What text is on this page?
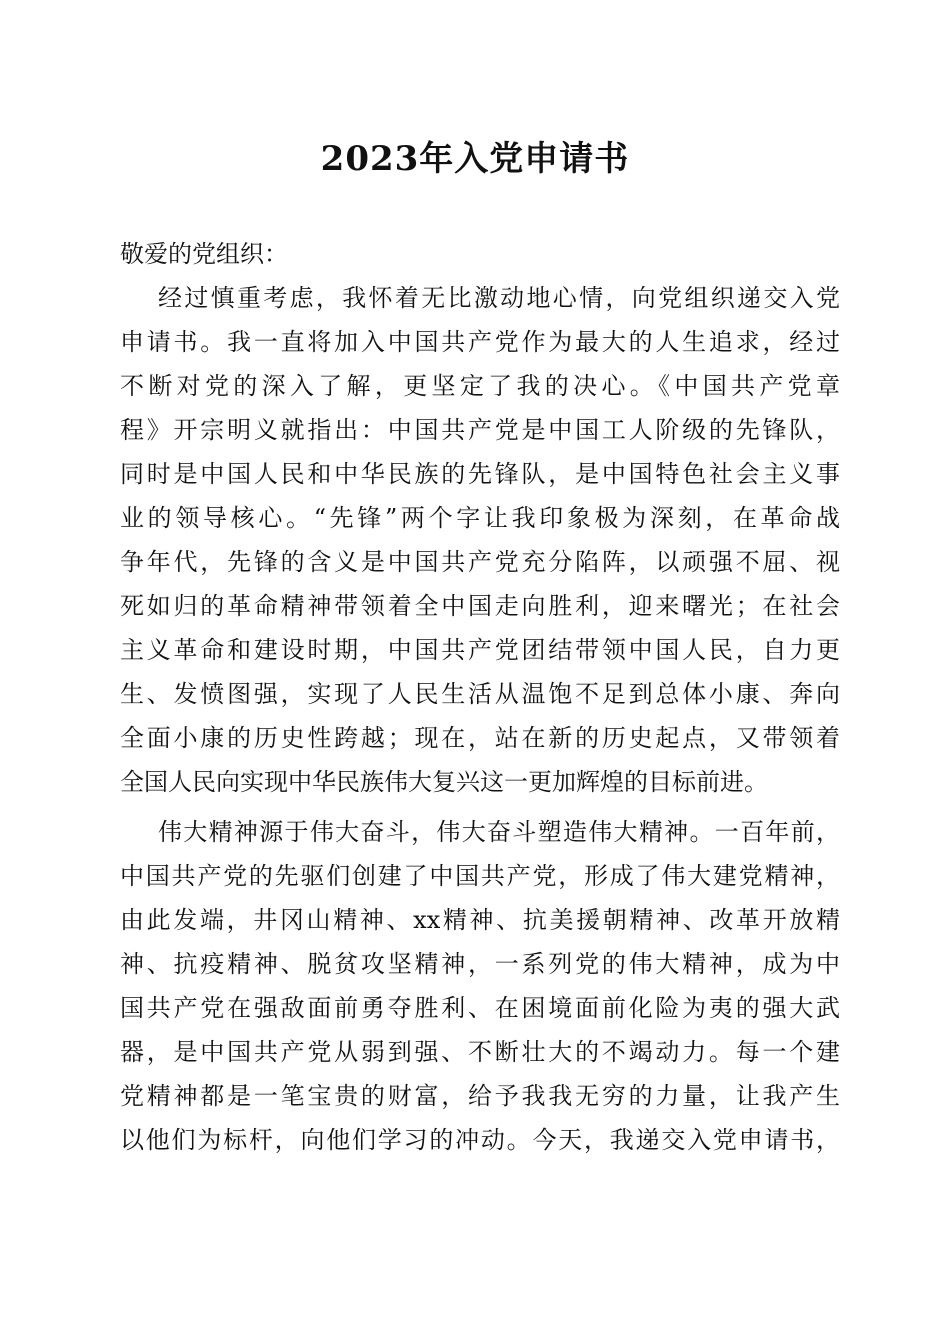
2023年入党申请书
敬爱的党组织：
经过慎重考虑，我怀着无比激动地心情，向党组织递交入党
申请书。我一直将加入中国共产党作为最大的人生追求，经过
不断对党的深入了解，更坚定了我的决心。《中国共产党章
程》开宗明义就指出：中国共产党是中国工人阶级的先锋队，
同时是中国人民和中华民族的先锋队，是中国特色社会主义事
业的领导核心。“先锋”两个字让我印象极为深刻，在革命战
争年代，先锋的含义是中国共产党充分陷阵，以顽强不屈、视
死如归的革命精神带领着全中国走向胜利，迎来曙光；在社会
主义革命和建设时期，中国共产党团结带领中国人民，自力更
生、发愤图强，实现了人民生活从温饱不足到总体小康、奔向
全面小康的历史性跨越；现在，站在新的历史起点，又带领着
全国人民向实现中华民族伟大复兴这一更加辉煌的目标前进。
伟大精神源于伟大奋斗，伟大奋斗塑造伟大精神。一百年前，
中国共产党的先驱们创建了中国共产党，形成了伟大建党精神，
由此发端，井冈山精神、xx精神、抗美援朝精神、改革开放精
神、抗疫精神、脱贫攻坚精神，一系列党的伟大精神，成为中
国共产党在强敌面前勇夺胜利、在困境面前化险为夷的强大武
器，是中国共产党从弱到强、不断壮大的不竭动力。每一个建
党精神都是一笔宝贵的财富，给予我我无穷的力量，让我产生
以他们为标杆，向他们学习的冲动。今天，我递交入党申请书，
